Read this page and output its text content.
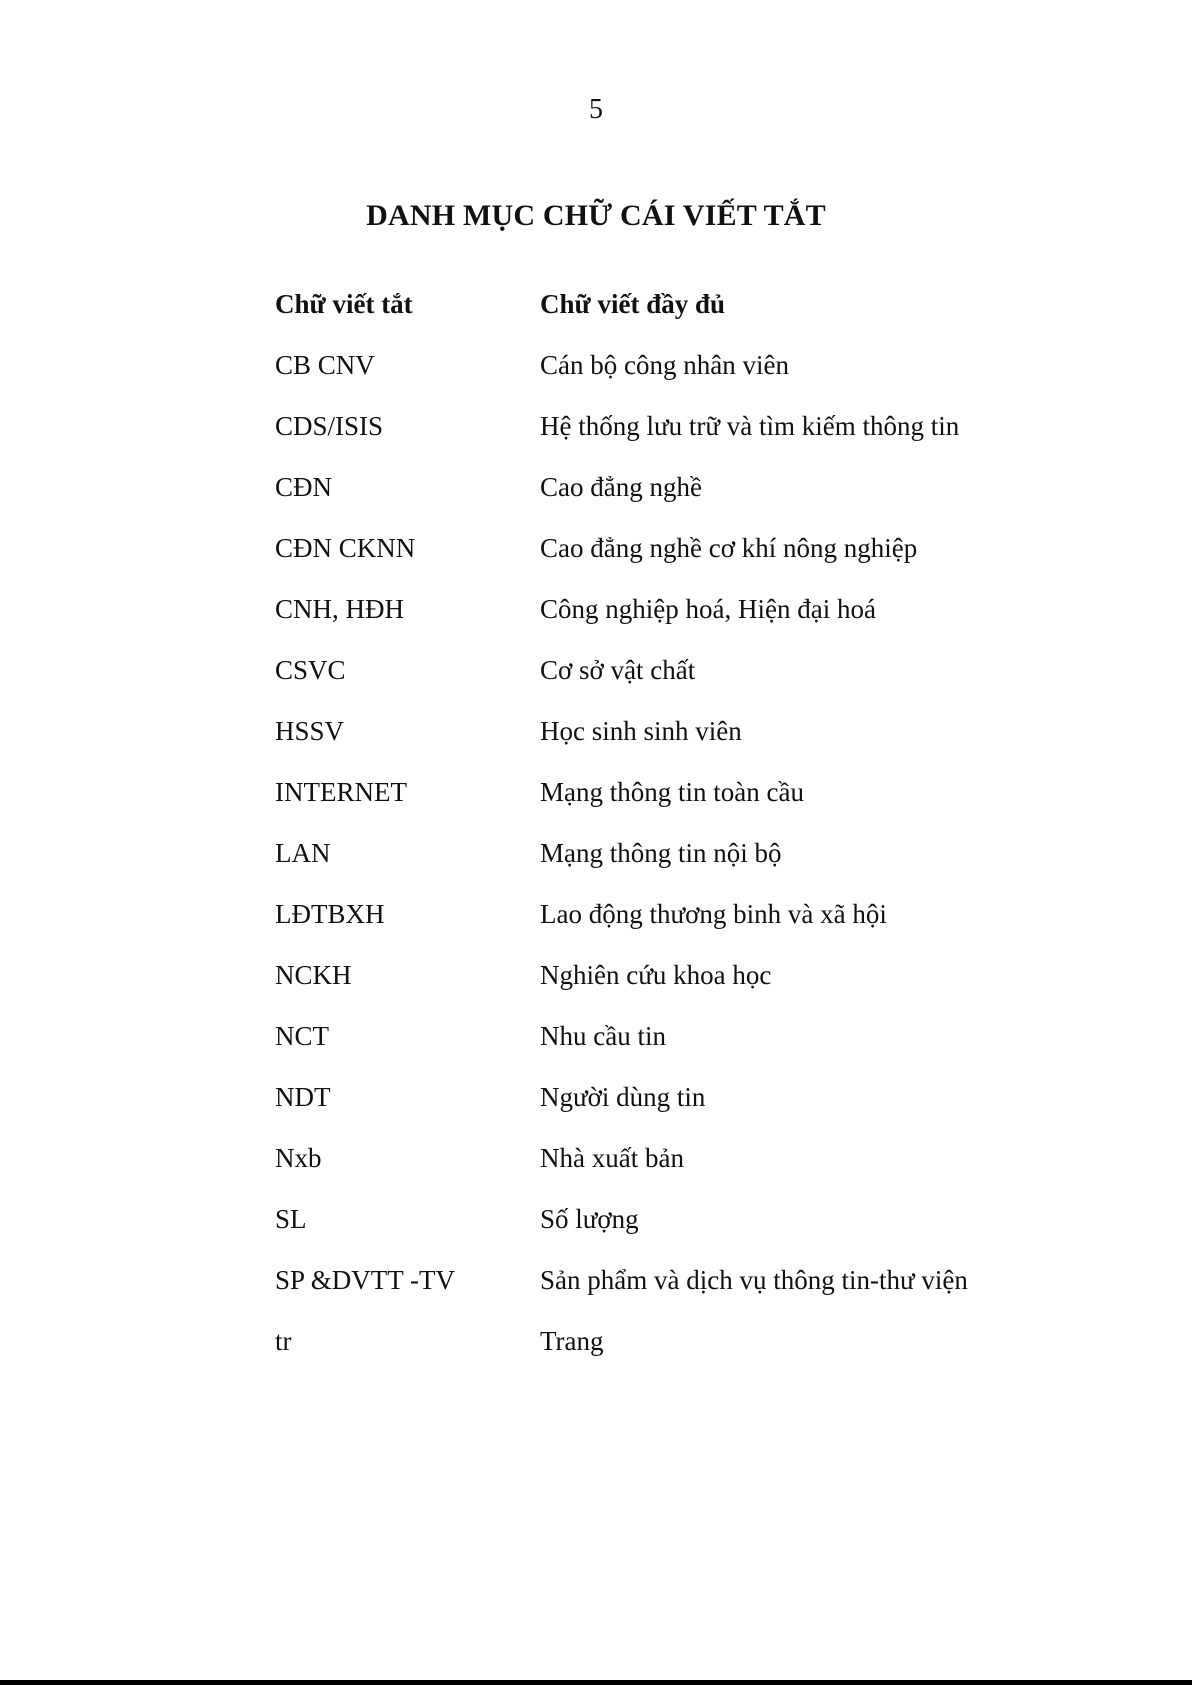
5
DANH MỤC CHỮ CÁI VIẾT TẮT
Chữ viết tắt	Chữ viết đầy đủ
CB CNV	Cán bộ công nhân viên
CDS/ISIS	Hệ thống lưu trữ và tìm kiếm thông tin
CĐN	Cao đẳng nghề
CĐN CKNN	Cao đẳng nghề cơ khí nông nghiệp
CNH, HĐH	Công nghiệp hoá, Hiện đại hoá
CSVC	Cơ sở vật chất
HSSV	Học sinh sinh viên
INTERNET	Mạng thông tin toàn cầu
LAN	Mạng thông tin nội bộ
LĐTBXH	Lao động thương binh và xã hội
NCKH	Nghiên cứu khoa học
NCT	Nhu cầu tin
NDT	Người dùng tin
Nxb	Nhà xuất bản
SL	Số lượng
SP &DVTT -TV	Sản phẩm và dịch vụ thông tin-thư viện
tr	Trang
